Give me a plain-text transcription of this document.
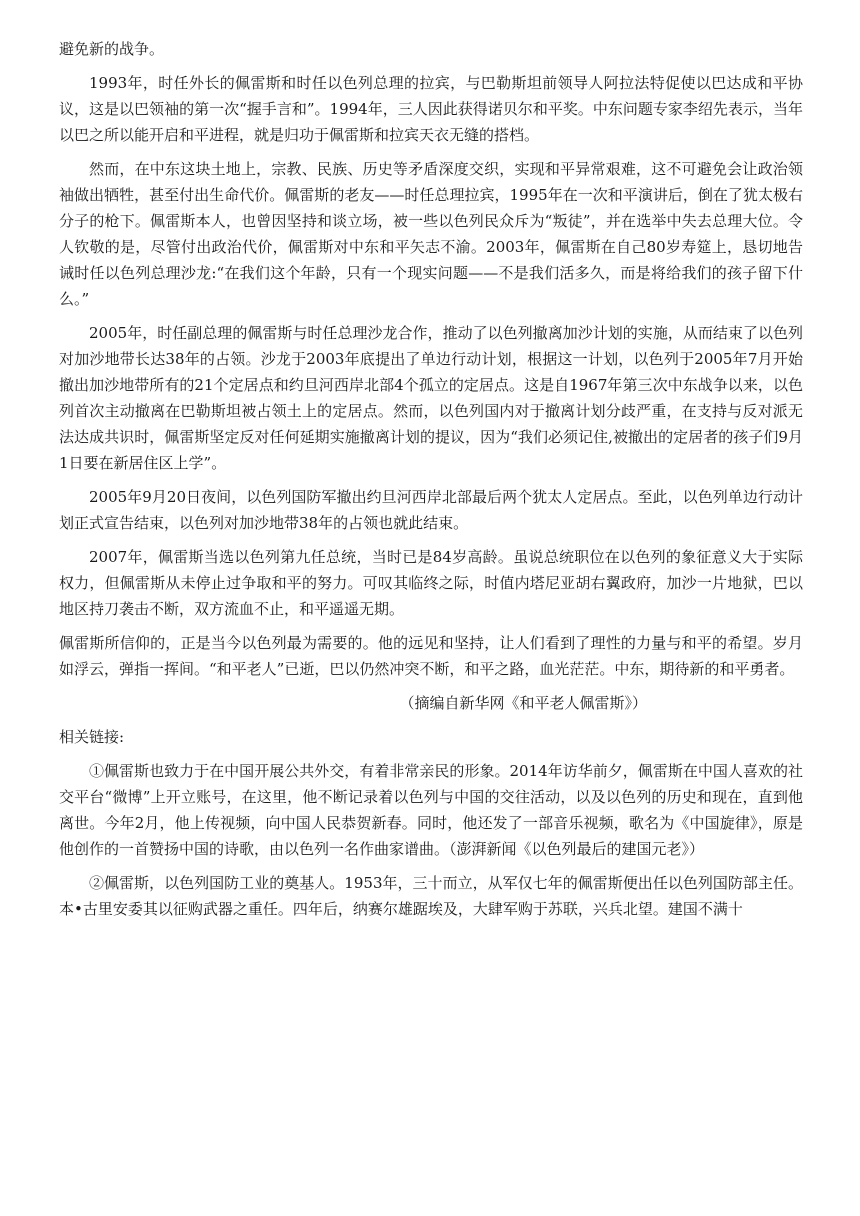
避免新的战争。

1993年，时任外长的佩雷斯和时任以色列总理的拉宾，与巴勒斯坦前领导人阿拉法特促使以巴达成和平协议，这是以巴领袖的第一次“握手言和”。1994年，三人因此获得诺贝尔和平奖。中东问题专家李绍先表示，当年以巴之所以能开启和平进程，就是归功于佩雷斯和拉宾天衣无缝的搭档。

然而，在中东这块土地上，宗教、民族、历史等矛盾深度交织，实现和平异常艰难，这不可避免会让政治领袖做出牺牲，甚至付出生命代价。佩雷斯的老友——时任总理拉宾，1995年在一次和平演讲后，倒在了犹太极右分子的枪下。佩雷斯本人，也曾因坚持和谈立场，被一些以色列民众斥为“叛徒”，并在选举中失去总理大位。令人钦敬的是，尽管付出政治代价，佩雷斯对中东和平矢志不渝。2003年，佩雷斯在自己80岁寿筵上，恳切地告诫时任以色列总理沙龙:“在我们这个年龄，只有一个现实问题——不是我们活多久，而是将给我们的孩子留下什么。”

2005年，时任副总理的佩雷斯与时任总理沙龙合作，推动了以色列撤离加沙计划的实施，从而结束了以色列对加沙地带长达38年的占领。沙龙于2003年底提出了单边行动计划，根据这一计划，以色列于2005年7月开始撤出加沙地带所有的21个定居点和约旦河西岸北部4个孤立的定居点。这是自1967年第三次中东战争以来，以色列首次主动撤离在巴勒斯坦被占领土上的定居点。然而，以色列国内对于撤离计划分歧严重，在支持与反对派无法达成共识时，佩雷斯坚定反对任何延期实施撤离计划的提议，因为“我们必须记住,被撤出的定居者的孩子们9月1日要在新居住区上学”。

2005年9月20日夜间，以色列国防军撤出约旦河西岸北部最后两个犹太人定居点。至此，以色列单边行动计划正式宣告结束，以色列对加沙地带38年的占领也就此结束。

2007年，佩雷斯当选以色列第九任总统，当时已是84岁高龄。虽说总统职位在以色列的象征意义大于实际权力，但佩雷斯从未停止过争取和平的努力。可叹其临终之际，时值内塔尼亚胡右翼政府，加沙一片地狱，巴以地区持刀袭击不断，双方流血不止，和平遥遥无期。

佩雷斯所信仰的，正是当今以色列最为需要的。他的远见和坚持，让人们看到了理性的力量与和平的希望。岁月如浮云，弹指一挥间。“和平老人”已逝，巴以仍然冲突不断，和平之路，血光茫茫。中东，期待新的和平勇者。

（摘编自新华网《和平老人佩雷斯》）

相关链接:

①佩雷斯也致力于在中国开展公共外交，有着非常亲民的形象。2014年访华前夕，佩雷斯在中国人喜欢的社交平台“微博”上开立账号，在这里，他不断记录着以色列与中国的交往活动，以及以色列的历史和现在，直到他离世。今年2月，他上传视频，向中国人民恭贺新春。同时，他还发了一部音乐视频，歌名为《中国旋律》，原是他创作的一首赞扬中国的诗歌，由以色列一名作曲家谱曲。（澎湃新闻《以色列最后的建国元老》）

②佩雷斯，以色列国防工业的奠基人。1953年，三十而立，从军仅七年的佩雷斯便出任以色列国防部主任。本•古里安委其以征购武器之重任。四年后，纳赛尔雄踞埃及，大肆军购于苏联，兴兵北望。建国不满十
